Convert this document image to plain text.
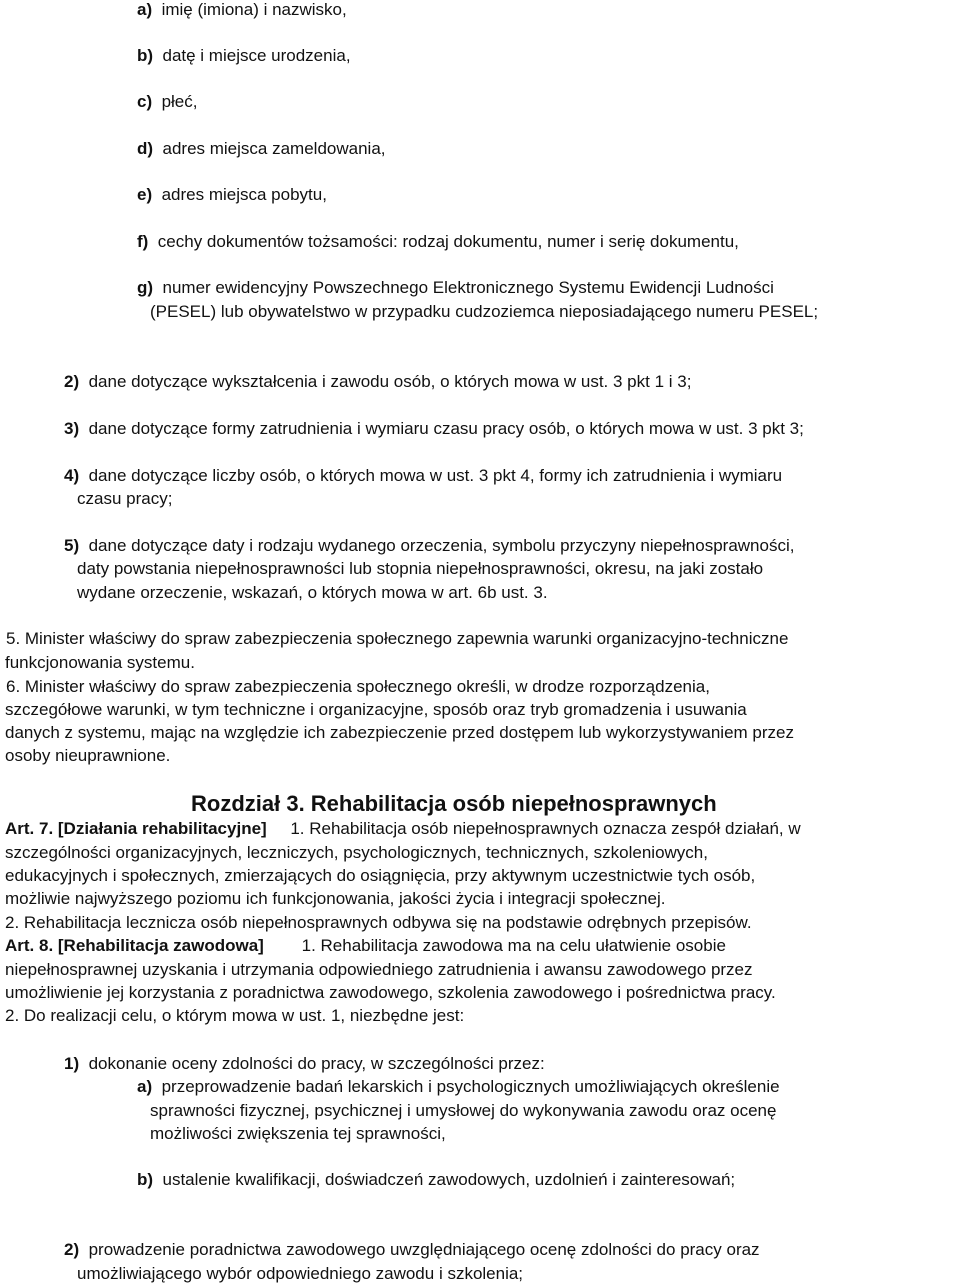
a) imię (imiona) i nazwisko,
b) datę i miejsce urodzenia,
c) płeć,
d) adres miejsca zameldowania,
e) adres miejsca pobytu,
f) cechy dokumentów tożsamości: rodzaj dokumentu, numer i serię dokumentu,
g) numer ewidencyjny Powszechnego Elektronicznego Systemu Ewidencji Ludności
(PESEL) lub obywatelstwo w przypadku cudzoziemca nieposiadającego numeru PESEL;
2) dane dotyczące wykształcenia i zawodu osób, o których mowa w ust. 3 pkt 1 i 3;
3) dane dotyczące formy zatrudnienia i wymiaru czasu pracy osób, o których mowa w ust. 3 pkt 3;
4) dane dotyczące liczby osób, o których mowa w ust. 3 pkt 4, formy ich zatrudnienia i wymiaru
czasu pracy;
5) dane dotyczące daty i rodzaju wydanego orzeczenia, symbolu przyczyny niepełnosprawności,
daty powstania niepełnosprawności lub stopnia niepełnosprawności, okresu, na jaki zostało
wydane orzeczenie, wskazań, o których mowa w art. 6b ust. 3.
5. Minister właściwy do spraw zabezpieczenia społecznego zapewnia warunki organizacyjno-techniczne
funkcjonowania systemu.
6. Minister właściwy do spraw zabezpieczenia społecznego określi, w drodze rozporządzenia,
szczegółowe warunki, w tym techniczne i organizacyjne, sposób oraz tryb gromadzenia i usuwania
danych z systemu, mając na względzie ich zabezpieczenie przed dostępem lub wykorzystywaniem przez
osoby nieuprawnione.
Rozdział 3. Rehabilitacja osób niepełnosprawnych
Art. 7. [Działania rehabilitacyjne] 1. Rehabilitacja osób niepełnosprawnych oznacza zespół działań, w
szczególności organizacyjnych, leczniczych, psychologicznych, technicznych, szkoleniowych,
edukacyjnych i społecznych, zmierzających do osiągnięcia, przy aktywnym uczestnictwie tych osób,
możliwie najwyższego poziomu ich funkcjonowania, jakości życia i integracji społecznej.
2. Rehabilitacja lecznicza osób niepełnosprawnych odbywa się na podstawie odrębnych przepisów.
Art. 8. [Rehabilitacja zawodowa] 1. Rehabilitacja zawodowa ma na celu ułatwienie osobie
niepełnosprawnej uzyskania i utrzymania odpowiedniego zatrudnienia i awansu zawodowego przez
umożliwienie jej korzystania z poradnictwa zawodowego, szkolenia zawodowego i pośrednictwa pracy.
2. Do realizacji celu, o którym mowa w ust. 1, niezbędne jest:
1) dokonanie oceny zdolności do pracy, w szczególności przez:
a) przeprowadzenie badań lekarskich i psychologicznych umożliwiających określenie
sprawności fizycznej, psychicznej i umysłowej do wykonywania zawodu oraz ocenę
możliwości zwiększenia tej sprawności,
b) ustalenie kwalifikacji, doświadczeń zawodowych, uzdolnień i zainteresowań;
2) prowadzenie poradnictwa zawodowego uwzględniającego ocenę zdolności do pracy oraz
umożliwiającego wybór odpowiedniego zawodu i szkolenia;
